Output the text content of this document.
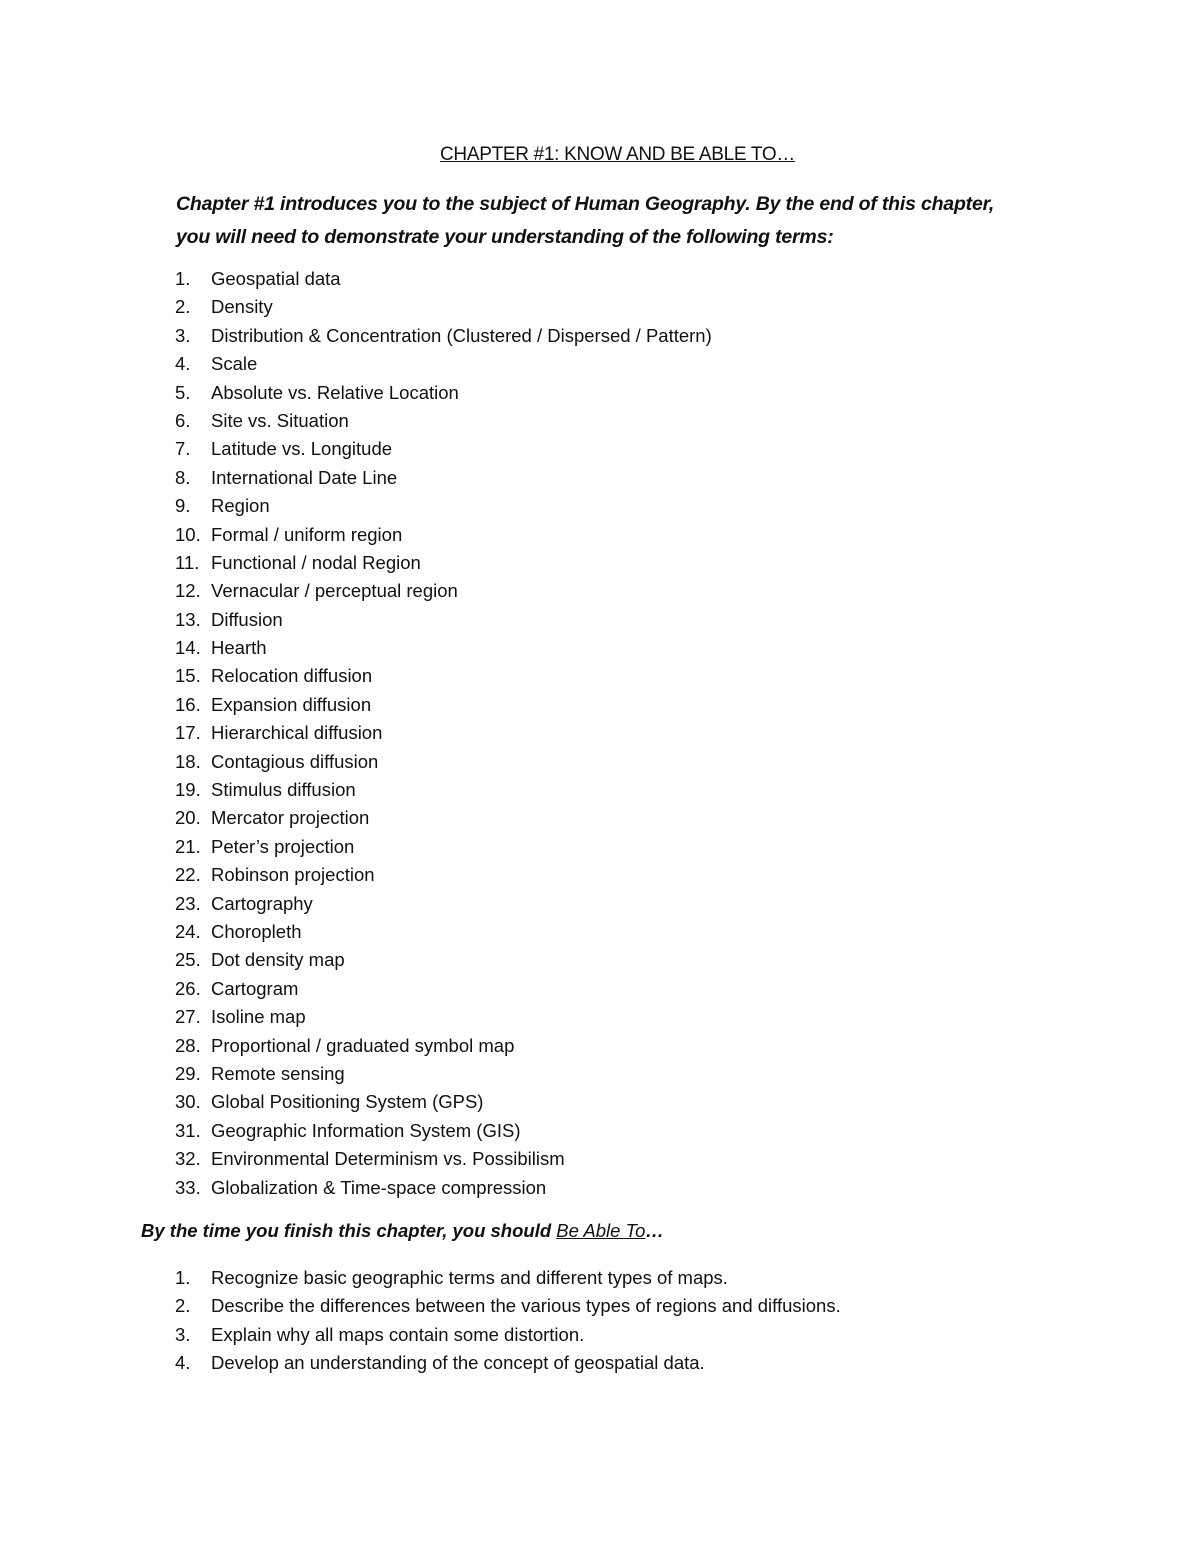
CHAPTER #1: KNOW AND BE ABLE TO…
Chapter #1 introduces you to the subject of Human Geography. By the end of this chapter,
you will need to demonstrate your understanding of the following terms:
1. Geospatial data
2. Density
3. Distribution & Concentration (Clustered / Dispersed / Pattern)
4. Scale
5. Absolute vs. Relative Location
6. Site vs. Situation
7. Latitude vs. Longitude
8. International Date Line
9. Region
10. Formal / uniform region
11. Functional / nodal Region
12. Vernacular / perceptual region
13. Diffusion
14. Hearth
15. Relocation diffusion
16. Expansion diffusion
17. Hierarchical diffusion
18. Contagious diffusion
19. Stimulus diffusion
20. Mercator projection
21. Peter’s projection
22. Robinson projection
23. Cartography
24. Choropleth
25. Dot density map
26. Cartogram
27. Isoline map
28. Proportional / graduated symbol map
29. Remote sensing
30. Global Positioning System (GPS)
31. Geographic Information System (GIS)
32. Environmental Determinism vs. Possibilism
33. Globalization & Time-space compression
By the time you finish this chapter, you should Be Able To…
1. Recognize basic geographic terms and different types of maps.
2. Describe the differences between the various types of regions and diffusions.
3. Explain why all maps contain some distortion.
4. Develop an understanding of the concept of geospatial data.
